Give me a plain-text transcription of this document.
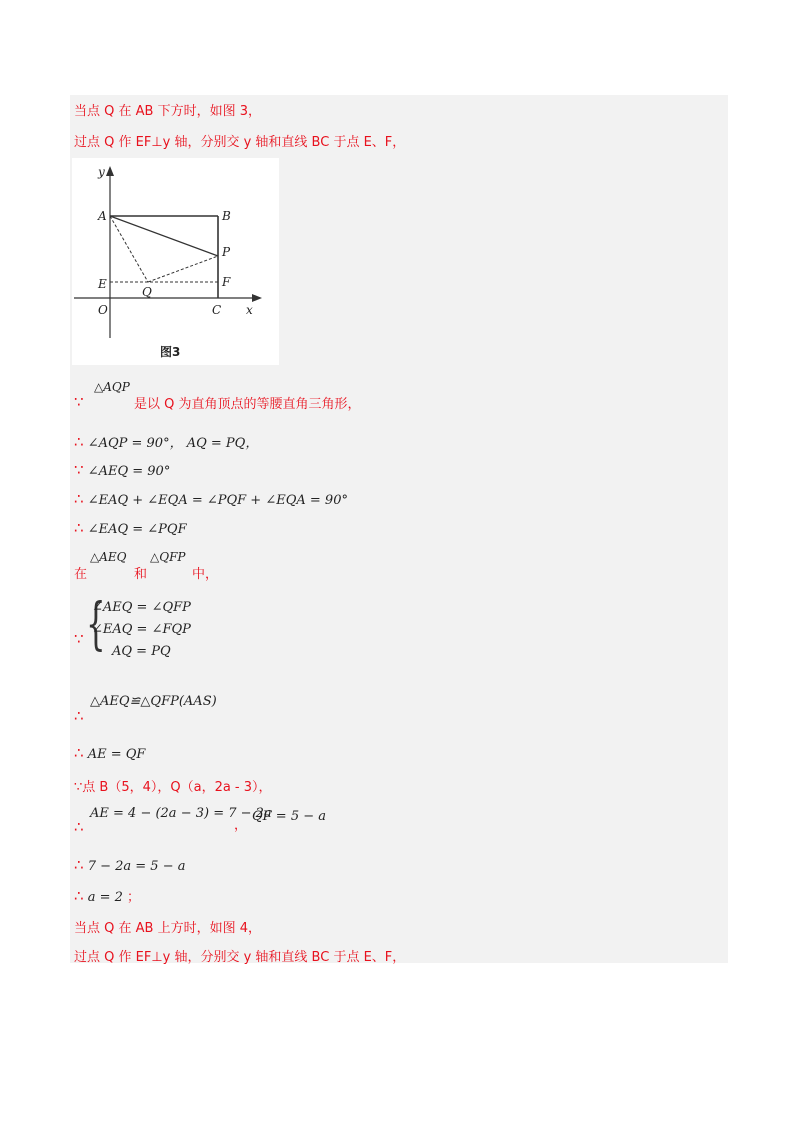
当点 Q 在 AB 下方时，如图 3，
过点 Q 作 EF⊥y 轴，分别交 y 轴和直线 BC 于点 E、F，
y
x
A	B
P
E
Q
F
O	C
图3
∵
△AQP
是以 Q 为直角顶点的等腰直角三角形，
∴ ∠AQP = 90°， AQ = PQ，
∵ ∠AEQ = 90°
∴ ∠EAQ + ∠EQA = ∠PQF + ∠EQA = 90°
∴ ∠EAQ = ∠PQF
在
△AEQ
和
△QFP
中，
∵ {
∠AEQ = ∠QFP
∠EAQ = ∠FQP
AQ = PQ
∴
△AEQ≌△QFP(AAS)
∴ AE = QF
∵点 B（5，4），Q（a，2a - 3），
∴
AE = 4 − (2a − 3) = 7 − 2a
，
QF = 5 − a
∴ 7 − 2a = 5 − a
∴ a = 2 ；
当点 Q 在 AB 上方时，如图 4，
过点 Q 作 EF⊥y 轴，分别交 y 轴和直线 BC 于点 E、F，
